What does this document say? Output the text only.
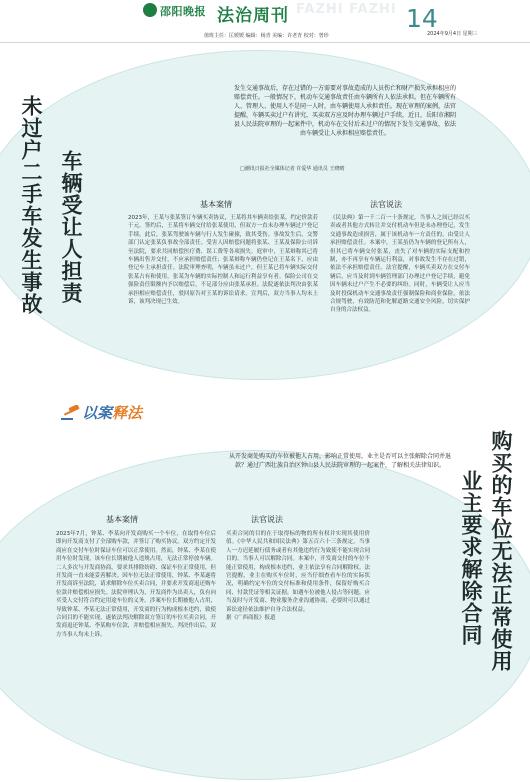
邵阳晚报 法治周刊 FAZHI FAZHI 14
值班主任：匡媛媛 编辑：杨青 美编：许老青 校对：曾珍	2024年9月4日 星期三
车辆受让人担责
未过户二手车发生事故
发生交通事故后，存在过错的一方需要对事故造成的人员伤亡和财产损失承担相应的赔偿责任。一般情况下，机动车交通事故责任由车辆所有人依法承担。但在车辆所有人、管理人、使用人不是同一人时，由车辆使用人承担责任。现在审理的案例，法官提醒，车辆买卖过户有讲究，买卖双方应及时办理车辆过户手续，近日，岳阳市湘阴县人民法院审理的一起案件中，机动车在交付后未过户的情况下发生交通事故，依法由车辆受让人承担相应赔偿责任。
□潮讯日报社全媒体记者 许爱华 通讯员 王晓晴
基本案情
2023年，王某与张某签订车辆买卖协议，王某将其车辆卖给张某，约定价款若干元。签约后，王某将车辆交付给张某使用，但双方一直未办理车辆过户登记手续。此后，张某驾驶该车辆与行人发生碰撞，致其受伤。事故发生后，交警部门认定张某负事故全部责任。受害人因赔偿问题将张某、王某及保险公司诉至法院，要求共同赔偿医疗费、误工费等各项损失。庭审中，王某辩称其已将车辆出售并交付，不应承担赔偿责任；张某辩称车辆仍登记在王某名下，应由登记车主承担责任。法院审理查明，车辆虽未过户，但王某已将车辆实际交付张某占有和使用，张某为车辆的实际控制人和运行利益享有者。保险公司在交强险责任限额内予以赔偿后，不足部分应由张某承担。法院遂依法判决由张某承担相应赔偿责任，驳回原告对王某的诉讼请求。宣判后，双方当事人均未上诉，该判决现已生效。
法官说法
《民法典》第一千二百一十条规定，当事人之间已经以买卖或者其他方式转让并交付机动车但是未办理登记，发生交通事故造成损害，属于该机动车一方责任的，由受让人承担赔偿责任。本案中，王某虽仍为车辆的登记所有人，但其已将车辆交付张某，丧失了对车辆的实际支配和控制，亦不再享有车辆运行利益，对事故发生不存在过错，依法不承担赔偿责任。法官提醒，车辆买卖双方在交付车辆后，应当及时到车辆管理部门办理过户登记手续，避免因车辆未过户产生不必要的纠纷。同时，车辆受让人应当及时投保机动车交通事故责任强制保险和商业保险，依法合规驾驶，有效防范和化解道路交通安全风险，切实保护自身的合法权益。
以案释法
购买的车位无法正常使用
业主要求解除合同
从开发商处购买的车位被他人占用，影响正常使用，业主是否可以主张解除合同并退款？通过广西壮族自治区钟山县人民法院审理的一起案件，了解相关法律知识。
基本案情
2023年7月，钟某、李某向开发商购买一个车位，在取得车位后即向开发商支付了全部购车款，并签订了购买协议。双方约定开发商应在交付车位时保证车位可以正常使用。然而，钟某、李某在使用车位时发现，该车位长期被他人违规占用，无法正常停放车辆。二人多次与开发商协商，要求其排除妨碍、保证车位正常使用，但开发商一直未能妥善解决。因车位无法正常使用，钟某、李某遂将开发商诉至法院，请求解除车位买卖合同，并要求开发商退还购车位款并赔偿相应损失。法院审理认为，开发商作为出卖人，负有向买受人交付符合约定用途车位的义务。涉案车位长期被他人占用，导致钟某、李某无法正常使用，开发商的行为构成根本违约，致使合同目的不能实现。遂依法判决解除双方签订的车位买卖合同，开发商退还钟某、李某购车位款，并赔偿相应损失。判决作出后，双方当事人均未上诉。
法官说法
买卖合同的目的在于取得标的物的所有权并实现其使用价值。《中华人民共和国民法典》第五百六十三条规定，当事人一方迟延履行债务或者有其他违约行为致使不能实现合同目的，当事人可以解除合同。本案中，开发商交付的车位不能正常使用，构成根本违约，业主依法享有合同解除权。法官提醒，业主在购买车位时，应当仔细查看车位的实际状况，明确约定车位的交付标准和使用条件，保留好购买合同、付款凭证等相关证据。如遇车位被他人侵占等问题，应当及时与开发商、物业服务企业沟通协商，必要时可以通过诉讼途径依法维护自身合法权益。
据《广西商报》报道
